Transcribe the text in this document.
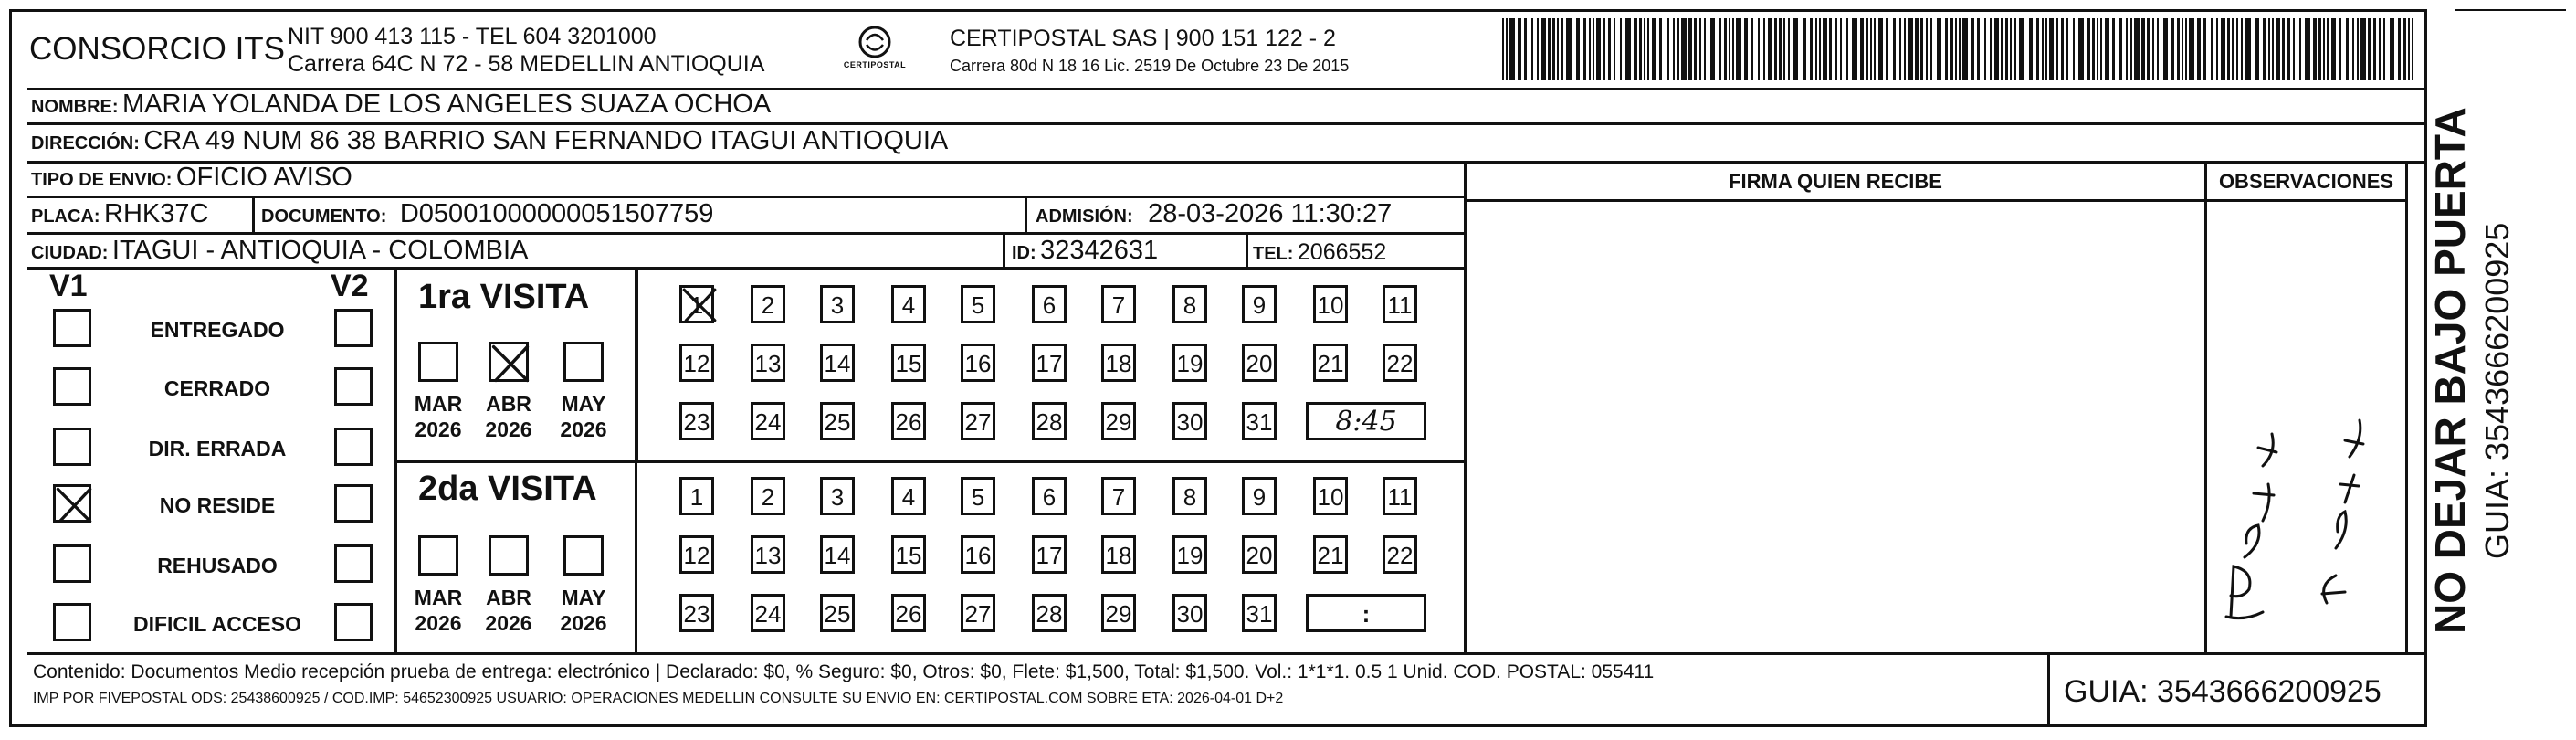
CONSORCIO ITS NIT 900 413 115 - TEL 604 3201000
Carrera 64C N 72 - 58 MEDELLIN ANTIOQUIA	CERTIPOSTAL
CERTIPOSTAL SAS | 900 151 122 - 2
Carrera 80d N 18 16 Lic. 2519 De Octubre 23 De 2015
NOMBRE: MARIA YOLANDA DE LOS ANGELES SUAZA OCHOA
DIRECCIÓN: CRA 49 NUM 86 38 BARRIO SAN FERNANDO ITAGUI ANTIOQUIA
TIPO DE ENVIO: OFICIO AVISO
PLACA: RHK37C	DOCUMENTO: D05001000000051507759	ADMISIÓN: 28-03-2026 11:30:27
CIUDAD: ITAGUI - ANTIOQUIA - COLOMBIA	ID: 32342631	TEL: 2066552
FIRMA QUIEN RECIBE	OBSERVACIONES
V1	V2
ENTREGADO
CERRADO
DIR. ERRADA
NO RESIDE
REHUSADO
DIFICIL ACCESO
1ra VISITA
MAR
2026
ABR
2026
MAY
2026
1	2	3	4	5	6	7	8	9	10 11
12 13 14 15 16 17 18 19 20 21 22
23 24 25 26 27 28 29 30 31	8:45
2da VISITA
MAR
2026
ABR
2026
MAY
2026
1	2	3	4	5	6	7	8	9	10 11
12 13 14 15 16 17 18 19 20 21 22
23 24 25 26 27 28 29 30 31	:
Contenido: Documentos Medio recepción prueba de entrega: electrónico | Declarado: $0, % Seguro: $0, Otros: $0, Flete: $1,500, Total: $1,500. Vol.: 1*1*1. 0.5 1 Unid. COD. POSTAL: 055411
IMP POR FIVEPOSTAL ODS: 25438600925 / COD.IMP: 54652300925 USUARIO: OPERACIONES MEDELLIN CONSULTE SU ENVIO EN: CERTIPOSTAL.COM SOBRE ETA: 2026-04-01 D+2	GUIA: 3543666200925
NO DEJAR BAJO PUERTA GUIA: 3543666200925
